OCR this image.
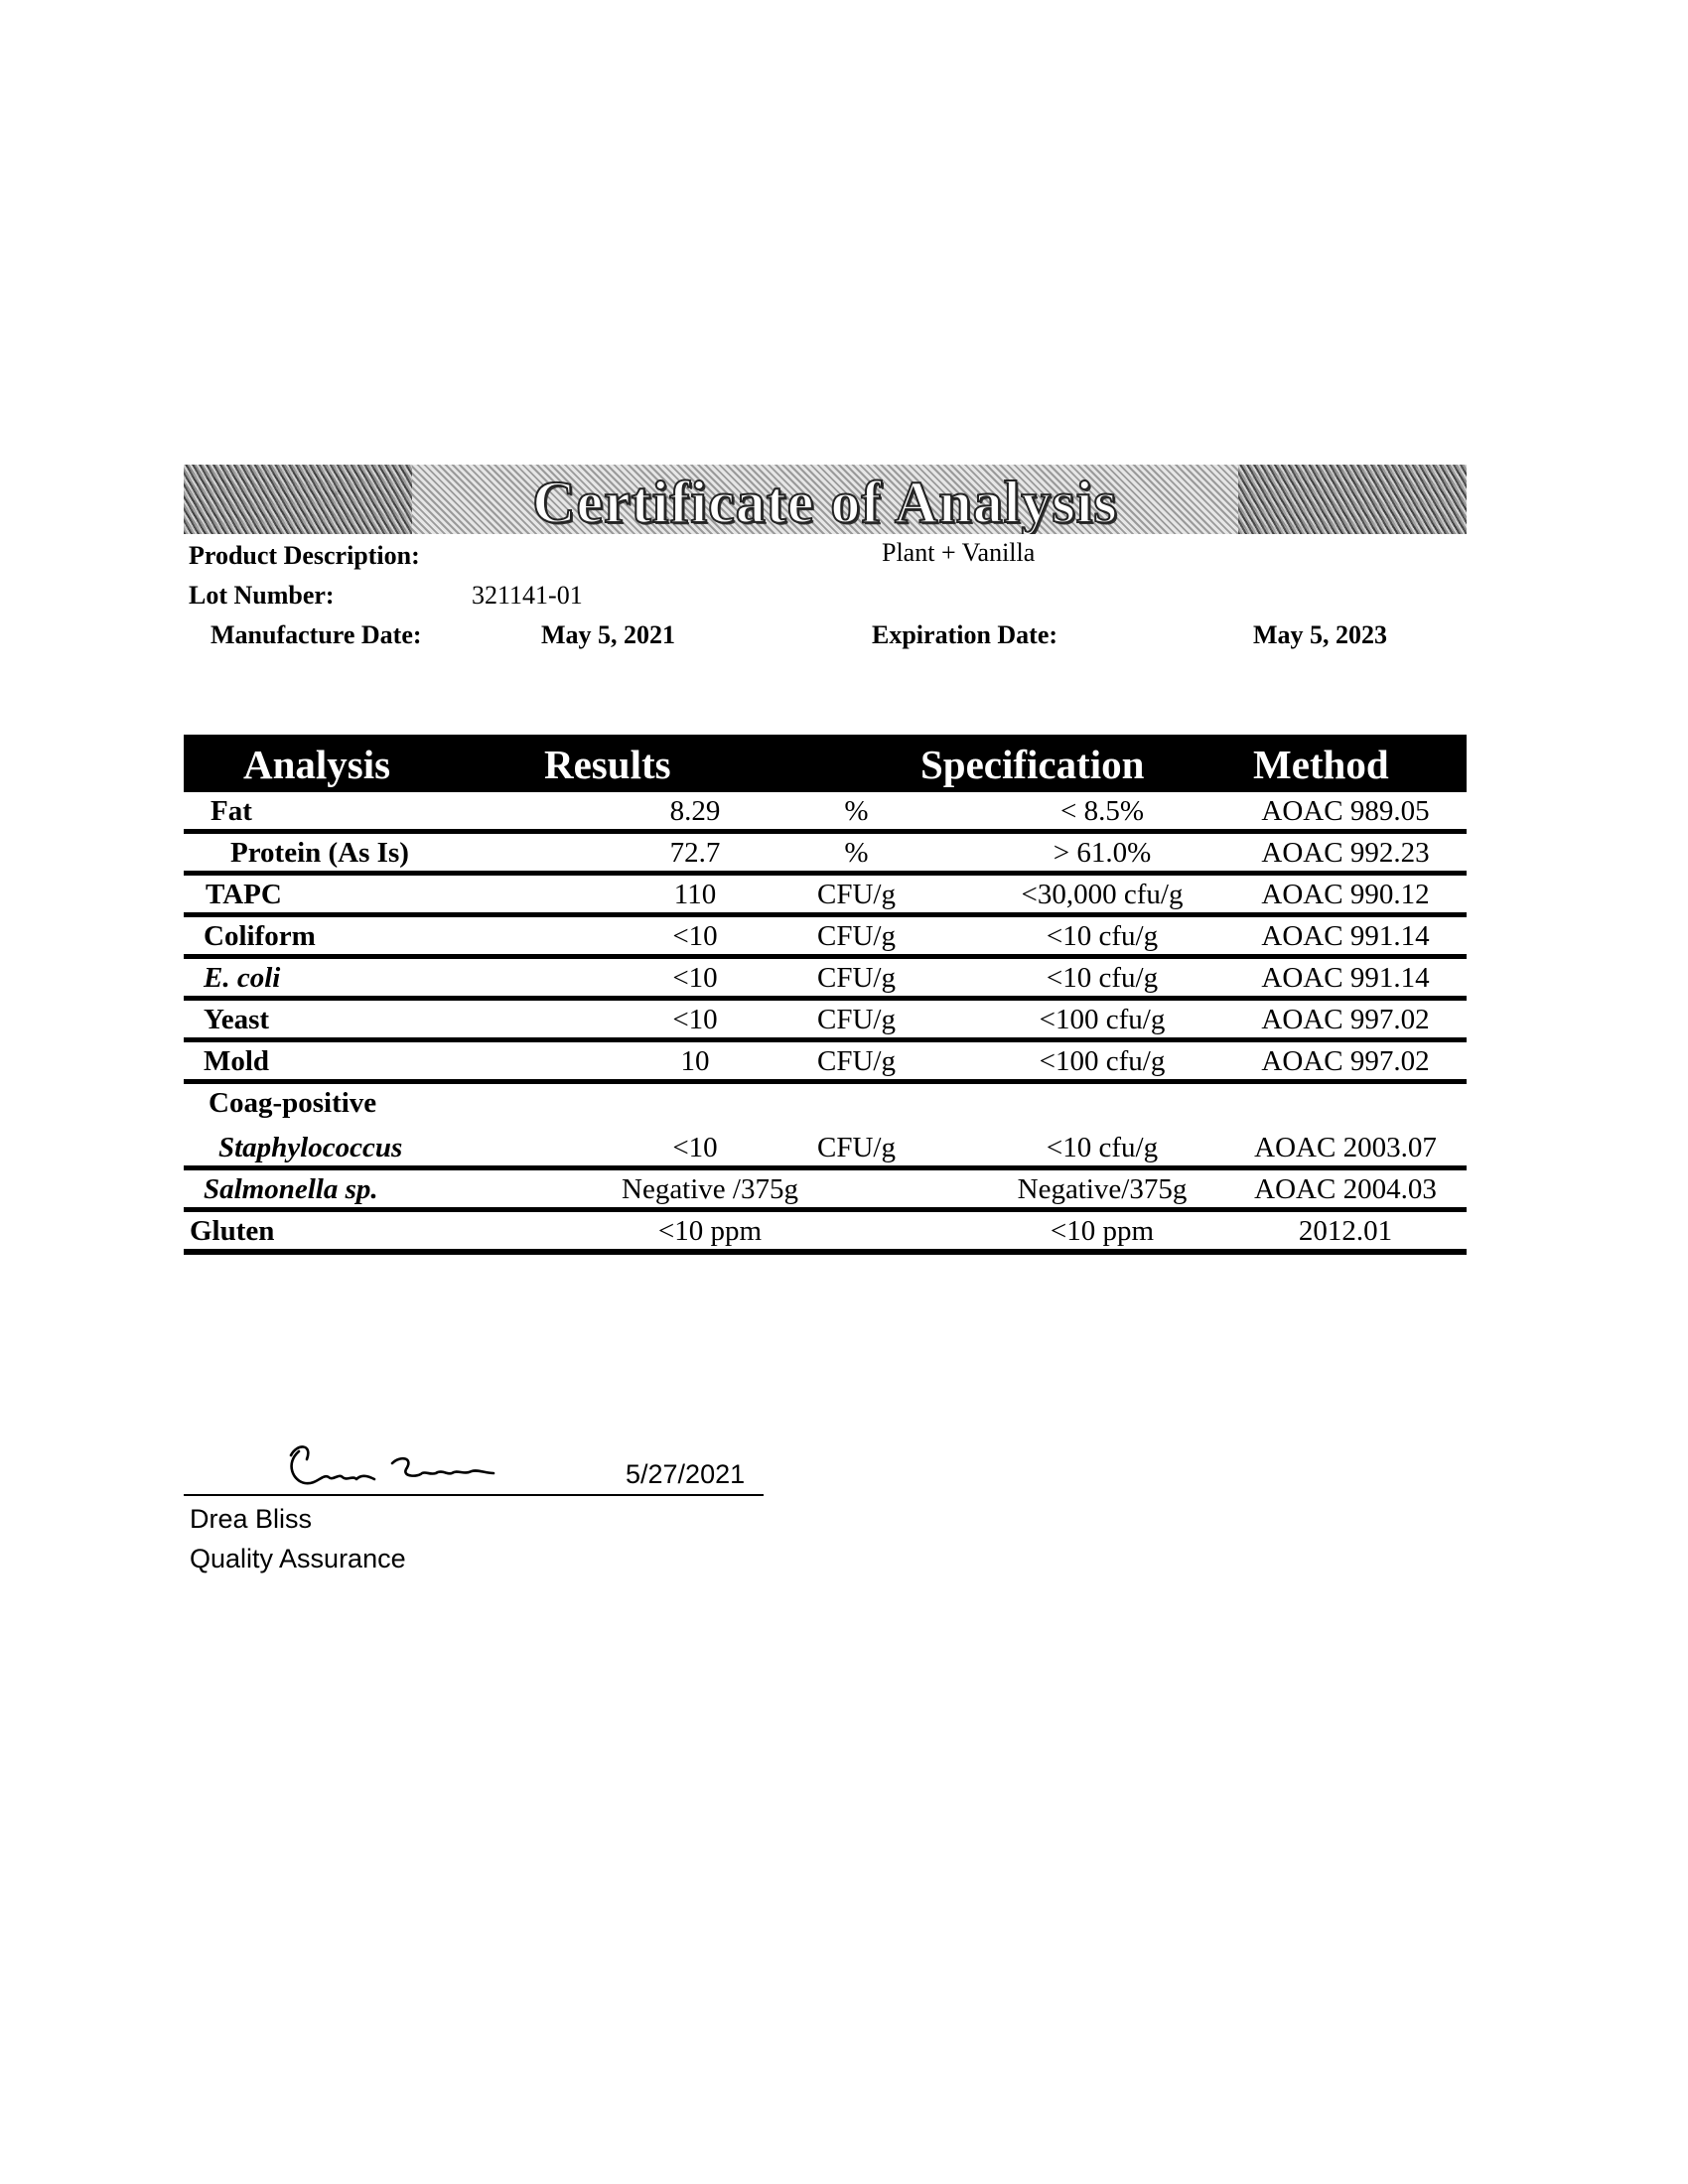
Certificate of Analysis
Product Description:	Plant + Vanilla
Lot Number:	321141-01
Manufacture Date:	May 5, 2021	Expiration Date:	May 5, 2023
Analysis	Results	Specification	Method
Fat	8.29	%	< 8.5%	AOAC 989.05
Protein (As Is)	72.7	%	> 61.0%	AOAC 992.23
TAPC	110	CFU/g	<30,000 cfu/g	AOAC 990.12
Coliform	<10	CFU/g	<10 cfu/g	AOAC 991.14
E. coli	<10	CFU/g	<10 cfu/g	AOAC 991.14
Yeast	<10	CFU/g	<100 cfu/g	AOAC 997.02
Mold	10	CFU/g	<100 cfu/g	AOAC 997.02
Coag-positive
Staphylococcus	<10	CFU/g	<10 cfu/g	AOAC 2003.07
Salmonella sp.	Negative /375g	Negative/375g	AOAC 2004.03
Gluten	<10 ppm	<10 ppm	2012.01
5/27/2021
Drea Bliss
Quality Assurance
